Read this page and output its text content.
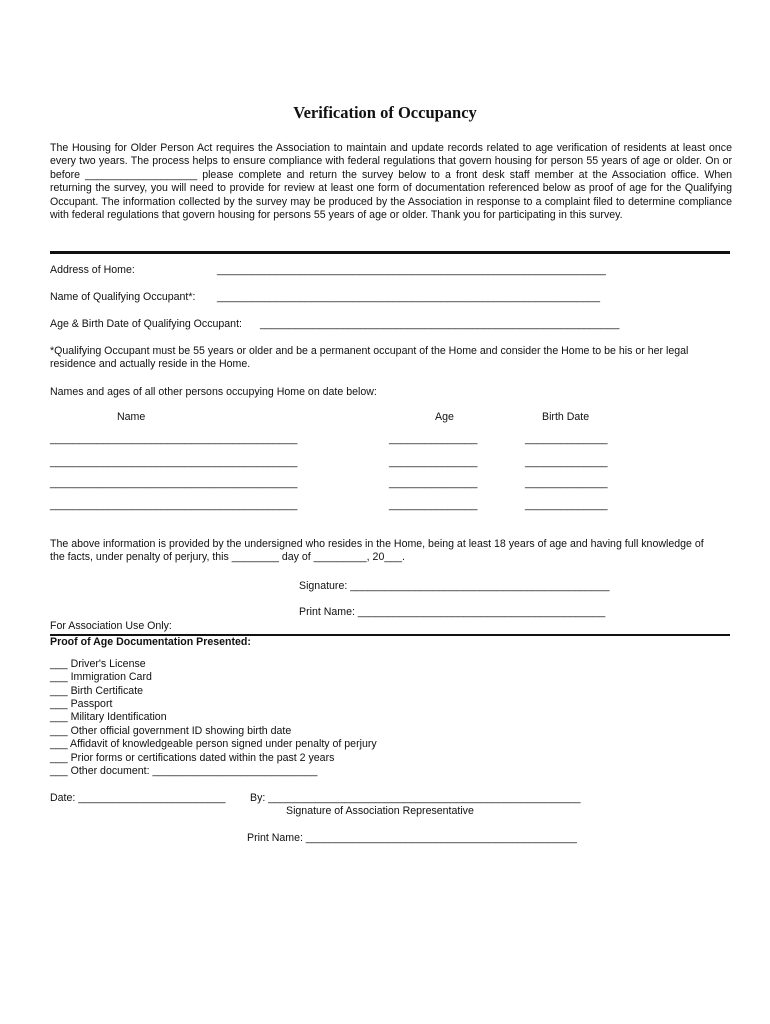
Verification of Occupancy
The Housing for Older Person Act requires the Association to maintain and update records related to age verification of residents at least once every two years. The process helps to ensure compliance with federal regulations that govern housing for person 55 years of age or older. On or before ___________________ please complete and return the survey below to a front desk staff member at the Association office. When returning the survey, you will need to provide for review at least one form of documentation referenced below as proof of age for the Qualifying Occupant. The information collected by the survey may be produced by the Association in response to a complaint filed to determine compliance with federal regulations that govern housing for persons 55 years of age or older. Thank you for participating in this survey.
Address of Home:	__________________________________________________________________
Name of Qualifying Occupant*: _________________________________________________________________
Age & Birth Date of Qualifying Occupant: _____________________________________________________________
*Qualifying Occupant must be 55 years or older and be a permanent occupant of the Home and consider the Home to be his or her legal residence and actually reside in the Home.
Names and ages of all other persons occupying Home on date below:
Name	Age	Birth Date
__________________________________________	_______________	______________
__________________________________________	_______________	______________
__________________________________________	_______________	______________
__________________________________________	_______________	______________
The above information is provided by the undersigned who resides in the Home, being at least 18 years of age and having full knowledge of the facts, under penalty of perjury, this ________ day of _________, 20___.
Signature: ____________________________________________
Print Name: __________________________________________
For Association Use Only:
Proof of Age Documentation Presented:
___ Driver's License
___ Immigration Card
___ Birth Certificate
___ Passport
___ Military Identification
___ Other official government ID showing birth date
___ Affidavit of knowledgeable person signed under penalty of perjury
___ Prior forms or certifications dated within the past 2 years
___ Other document: ____________________________
Date: _________________________ By: _____________________________________________________
Signature of Association Representative
Print Name: ______________________________________________
